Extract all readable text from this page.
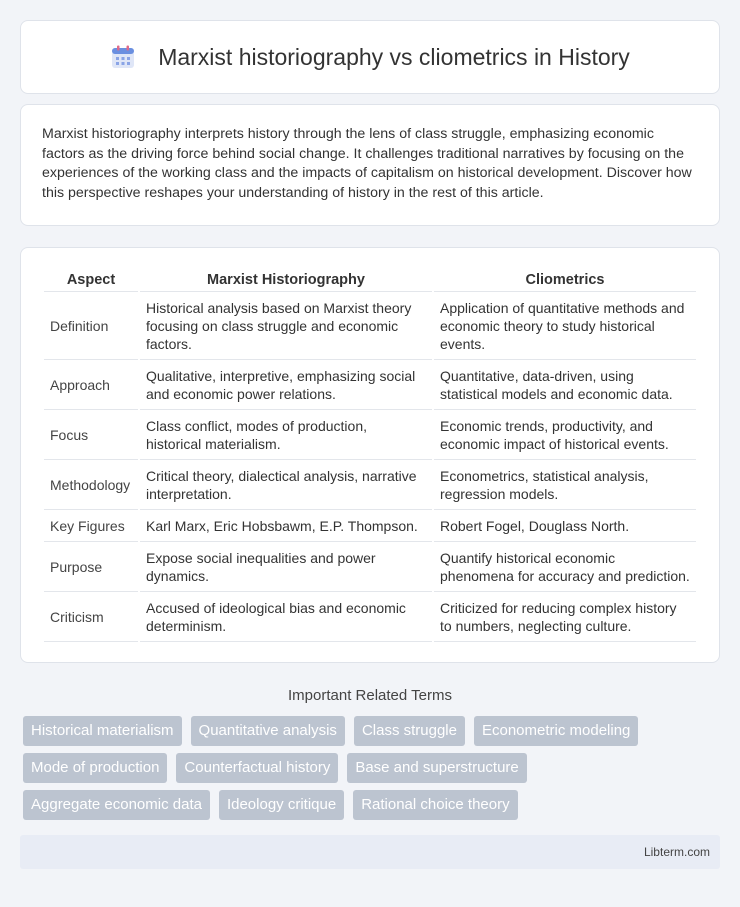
Marxist historiography vs cliometrics in History

Marxist historiography interprets history through the lens of class struggle, emphasizing economic factors as the driving force behind social change. It challenges traditional narratives by focusing on the experiences of the working class and the impacts of capitalism on historical development. Discover how this perspective reshapes your understanding of history in the rest of this article.

Aspect	Marxist Historiography	Cliometrics
Definition	Historical analysis based on Marxist theory focusing on class struggle and economic factors.	Application of quantitative methods and economic theory to study historical events.
Approach	Qualitative, interpretive, emphasizing social and economic power relations.	Quantitative, data-driven, using statistical models and economic data.
Focus	Class conflict, modes of production, historical materialism.	Economic trends, productivity, and economic impact of historical events.
Methodology	Critical theory, dialectical analysis, narrative interpretation.	Econometrics, statistical analysis, regression models.
Key Figures	Karl Marx, Eric Hobsbawm, E.P. Thompson.	Robert Fogel, Douglass North.
Purpose	Expose social inequalities and power dynamics.	Quantify historical economic phenomena for accuracy and prediction.
Criticism	Accused of ideological bias and economic determinism.	Criticized for reducing complex history to numbers, neglecting culture.
Important Related Terms
Historical materialism	Quantitative analysis	Class struggle	Econometric modeling
Mode of production	Counterfactual history	Base and superstructure
Aggregate economic data	Ideology critique	Rational choice theory
Libterm.com
